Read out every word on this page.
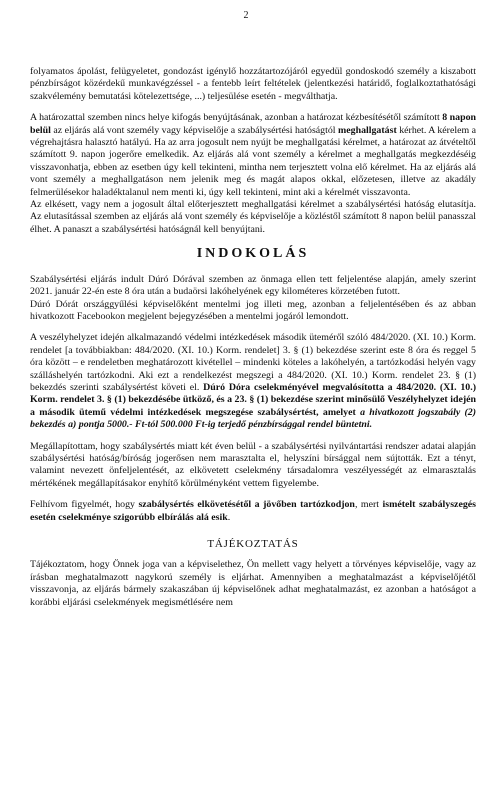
2

folyamatos ápolást, felügyeletet, gondozást igénylő hozzátartozójáról egyedül gondoskodó személy a kiszabott pénzbírságot közérdekű munkavégzéssel - a fentebb leírt feltételek (jelentkezési határidő, foglalkoztathatósági szakvélemény bemutatási kötelezettsége, ...) teljesülése esetén - megválthatja.

A határozattal szemben nincs helye kifogás benyújtásának, azonban a határozat kézbesítésétől számított 8 napon belül az eljárás alá vont személy vagy képviselője a szabálysértési hatóságtól meghallgatást kérhet. A kérelem a végrehajtásra halasztó hatályú. Ha az arra jogosult nem nyújt be meghallgatási kérelmet, a határozat az átvételtől számított 9. napon jogerőre emelkedik. Az eljárás alá vont személy a kérelmet a meghallgatás megkezdéséig visszavonhatja, ebben az esetben úgy kell tekinteni, mintha nem terjesztett volna elő kérelmet. Ha az eljárás alá vont személy a meghallgatáson nem jelenik meg és magát alapos okkal, előzetesen, illetve az akadály felmerülésekor haladéktalanul nem menti ki, úgy kell tekinteni, mint aki a kérelmét visszavonta.

Az elkésett, vagy nem a jogosult által előterjesztett meghallgatási kérelmet a szabálysértési hatóság elutasítja. Az elutasítással szemben az eljárás alá vont személy és képviselője a közléstől számított 8 napon belül panasszal élhet. A panaszt a szabálysértési hatóságnál kell benyújtani.

INDOKOLÁS

Szabálysértési eljárás indult Dúró Dórával szemben az önmaga ellen tett feljelentése alapján, amely szerint 2021. január 22-én este 8 óra után a budaörsi lakóhelyének egy kilométeres körzetében futott.

Dúró Dórát országgyűlési képviselőként mentelmi jog illeti meg, azonban a feljelentésében és az abban hivatkozott Facebookon megjelent bejegyzésében a mentelmi jogáról lemondott.

A veszélyhelyzet idején alkalmazandó védelmi intézkedések második üteméről szóló 484/2020. (XI. 10.) Korm. rendelet [a továbbiakban: 484/2020. (XI. 10.) Korm. rendelet] 3. § (1) bekezdése szerint este 8 óra és reggel 5 óra között – e rendeletben meghatározott kivétellel – mindenki köteles a lakóhelyén, a tartózkodási helyén vagy szálláshelyén tartózkodni. Aki ezt a rendelkezést megszegi a 484/2020. (XI. 10.) Korm. rendelet 23. § (1) bekezdés szerinti szabálysértést követi el. Dúró Dóra cselekményével megvalósította a 484/2020. (XI. 10.) Korm. rendelet 3. § (1) bekezdésébe ütköző, és a 23. § (1) bekezdése szerint minősülő Veszélyhelyzet idején a második ütemű védelmi intézkedések megszegése szabálysértést, amelyet a hivatkozott jogszabály (2) bekezdés a) pontja 5000.- Ft-tól 500.000 Ft-ig terjedő pénzbírsággal rendel büntetni.

Megállapítottam, hogy szabálysértés miatt két éven belül - a szabálysértési nyilvántartási rendszer adatai alapján szabálysértési hatóság/bíróság jogerősen nem marasztalta el, helyszíni bírsággal nem sújtották. Ezt a tényt, valamint nevezett önfeljelentését, az elkövetett cselekmény társadalomra veszélyességét az elmarasztalás mértékének megállapításakor enyhítő körülményként vettem figyelembe.

Felhívom figyelmét, hogy szabálysértés elkövetésétől a jövőben tartózkodjon, mert ismételt szabályszegés esetén cselekménye szigorúbb elbírálás alá esik.

TÁJÉKOZTATÁS

Tájékoztatom, hogy Önnek joga van a képviselethez, Ön mellett vagy helyett a törvényes képviselője, vagy az írásban meghatalmazott nagykorú személy is eljárhat. Amennyiben a meghatalmazást a képviselőjétől visszavonja, az eljárás bármely szakaszában új képviselőnek adhat meghatalmazást, ez azonban a hatóságot a korábbi eljárási cselekmények megismétlésére nem
